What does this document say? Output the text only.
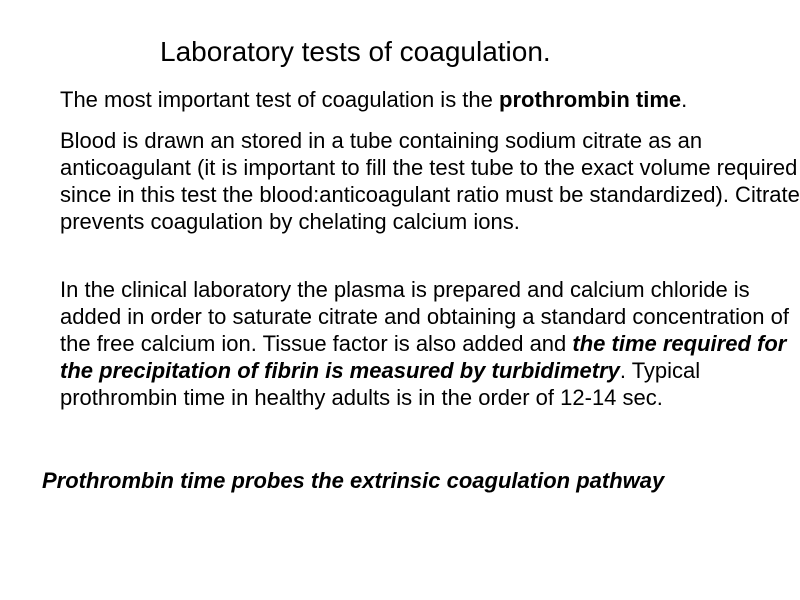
Laboratory tests of coagulation.

The most important test of coagulation is the prothrombin time.

Blood is drawn an stored in a tube containing sodium citrate as an anticoagulant (it is important to fill the test tube to the exact volume required since in this test the blood:anticoagulant ratio must be standardized). Citrate prevents coagulation by chelating calcium ions.

In the clinical laboratory the plasma is prepared and calcium chloride is added in order to saturate citrate and obtaining a standard concentration of the free calcium ion. Tissue factor is also added and the time required for the precipitation of fibrin is measured by turbidimetry. Typical prothrombin time in healthy adults is in the order of 12-14 sec.

Prothrombin time probes the extrinsic coagulation pathway
